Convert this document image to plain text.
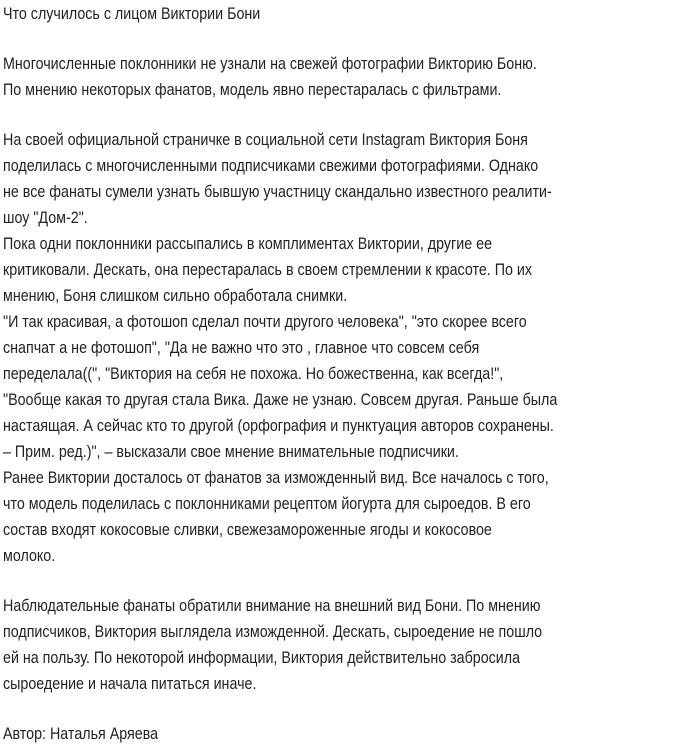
Что случилось с лицом Виктории Бони
Многочисленные поклонники не узнали на свежей фотографии Викторию Боню.
По мнению некоторых фанатов, модель явно перестаралась с фильтрами.
На своей официальной страничке в социальной сети Instagram Виктория Боня
поделилась с многочисленными подписчиками свежими фотографиями. Однако
не все фанаты сумели узнать бывшую участницу скандально известного реалити-
шоу "Дом-2".
Пока одни поклонники рассыпались в комплиментах Виктории, другие ее
критиковали. Дескать, она перестаралась в своем стремлении к красоте. По их
мнению, Боня слишком сильно обработала снимки.
"И так красивая, а фотошоп сделал почти другого человека", "это скорее всего
снапчат а не фотошоп", "Да не важно что это , главное что совсем себя
переделала((", "Виктория на себя не похожа. Но божественна, как всегда!",
"Вообще какая то другая стала Вика. Даже не узнаю. Совсем другая. Раньше была
настаящая. А сейчас кто то другой (орфография и пунктуация авторов сохранены.
– Прим. ред.)", – высказали свое мнение внимательные подписчики.
Ранее Виктории досталось от фанатов за изможденный вид. Все началось с того,
что модель поделилась с поклонниками рецептом йогурта для сыроедов. В его
состав входят кокосовые сливки, свежезамороженные ягоды и кокосовое
молоко.
Наблюдательные фанаты обратили внимание на внешний вид Бони. По мнению
подписчиков, Виктория выглядела изможденной. Дескать, сыроедение не пошло
ей на пользу. По некоторой информации, Виктория действительно забросила
сыроедение и начала питаться иначе.
Автор: Наталья Аряева
